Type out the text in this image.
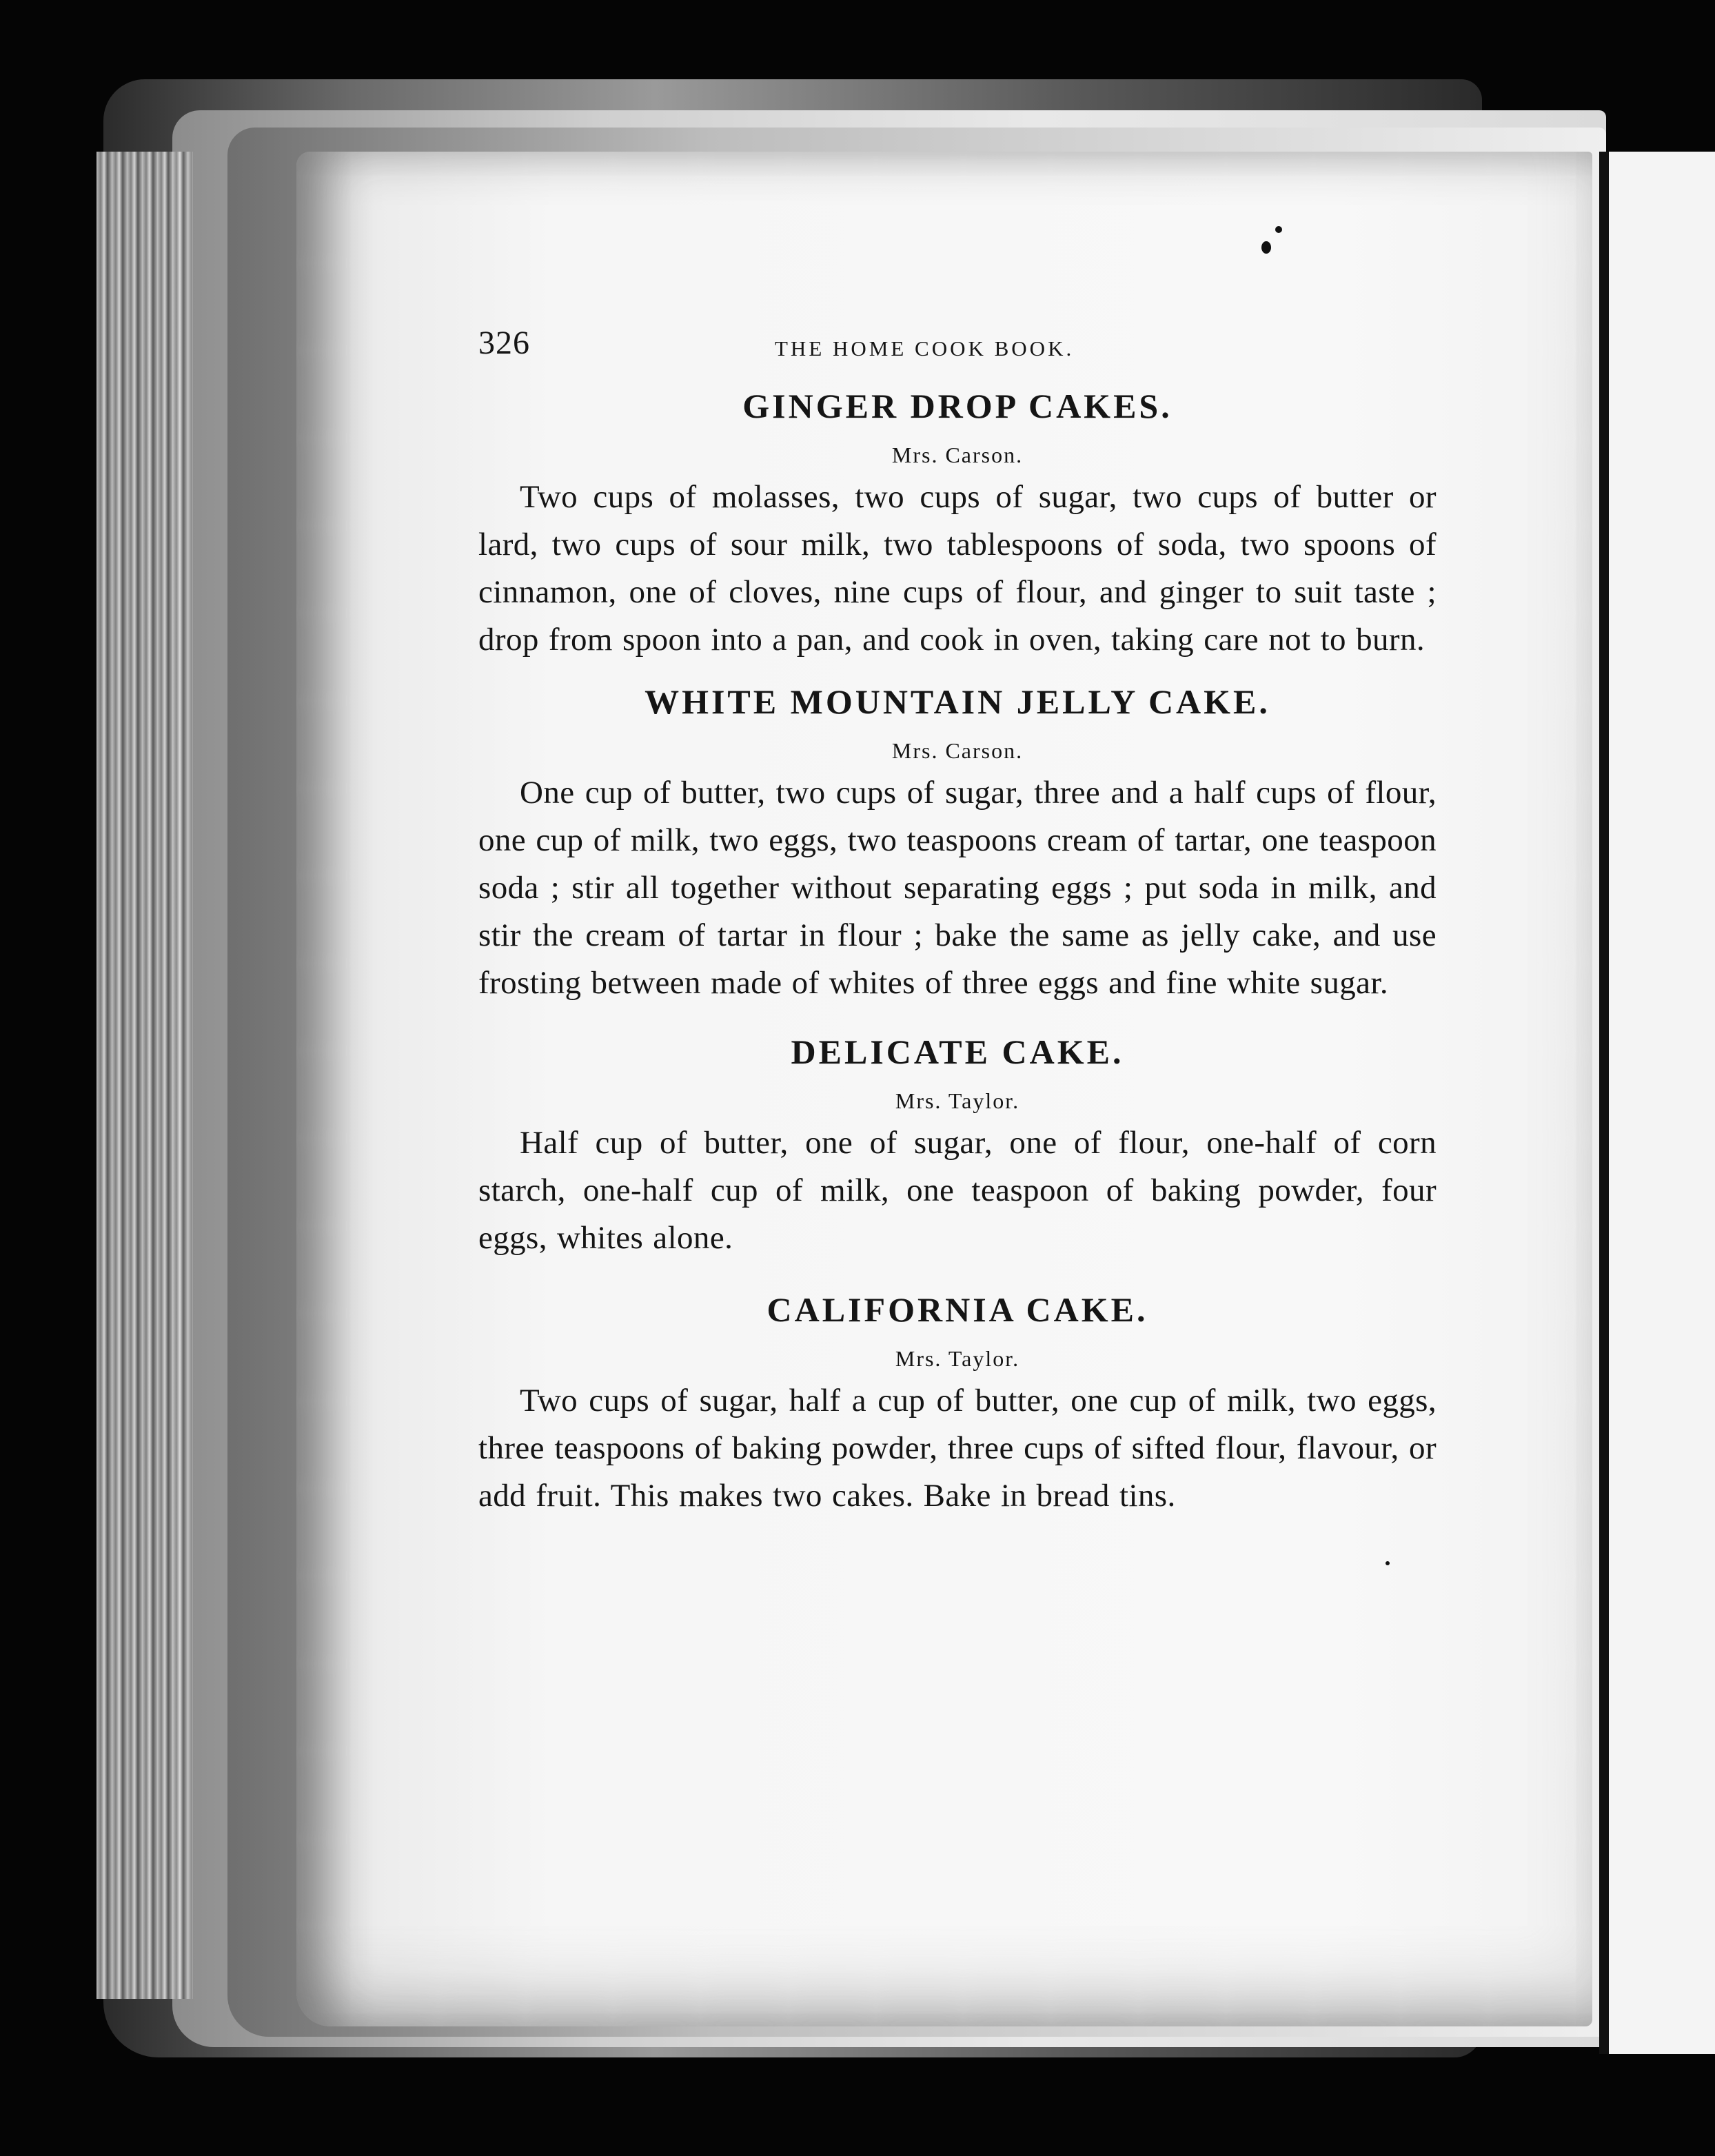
326	THE HOME COOK BOOK.
GINGER DROP CAKES.
Mrs. Carson.

Two cups of molasses, two cups of sugar, two cups of butter or lard, two cups of sour milk, two tablespoons of soda, two spoons of cinnamon, one of cloves, nine cups of flour, and ginger to suit taste ; drop from spoon into a pan, and cook in oven, taking care not to burn.

WHITE MOUNTAIN JELLY CAKE.
Mrs. Carson.

One cup of butter, two cups of sugar, three and a half cups of flour, one cup of milk, two eggs, two teaspoons cream of tartar, one teaspoon soda ; stir all together without separating eggs ; put soda in milk, and stir the cream of tartar in flour ; bake the same as jelly cake, and use frosting between made of whites of three eggs and fine white sugar.

DELICATE CAKE.
Mrs. Taylor.

Half cup of butter, one of sugar, one of flour, one-half of corn starch, one-half cup of milk, one teaspoon of baking powder, four eggs, whites alone.

CALIFORNIA CAKE.
Mrs. Taylor.

Two cups of sugar, half a cup of butter, one cup of milk, two eggs, three teaspoons of baking powder, three cups of sifted flour, flavour, or add fruit. This makes two cakes. Bake in bread tins.
